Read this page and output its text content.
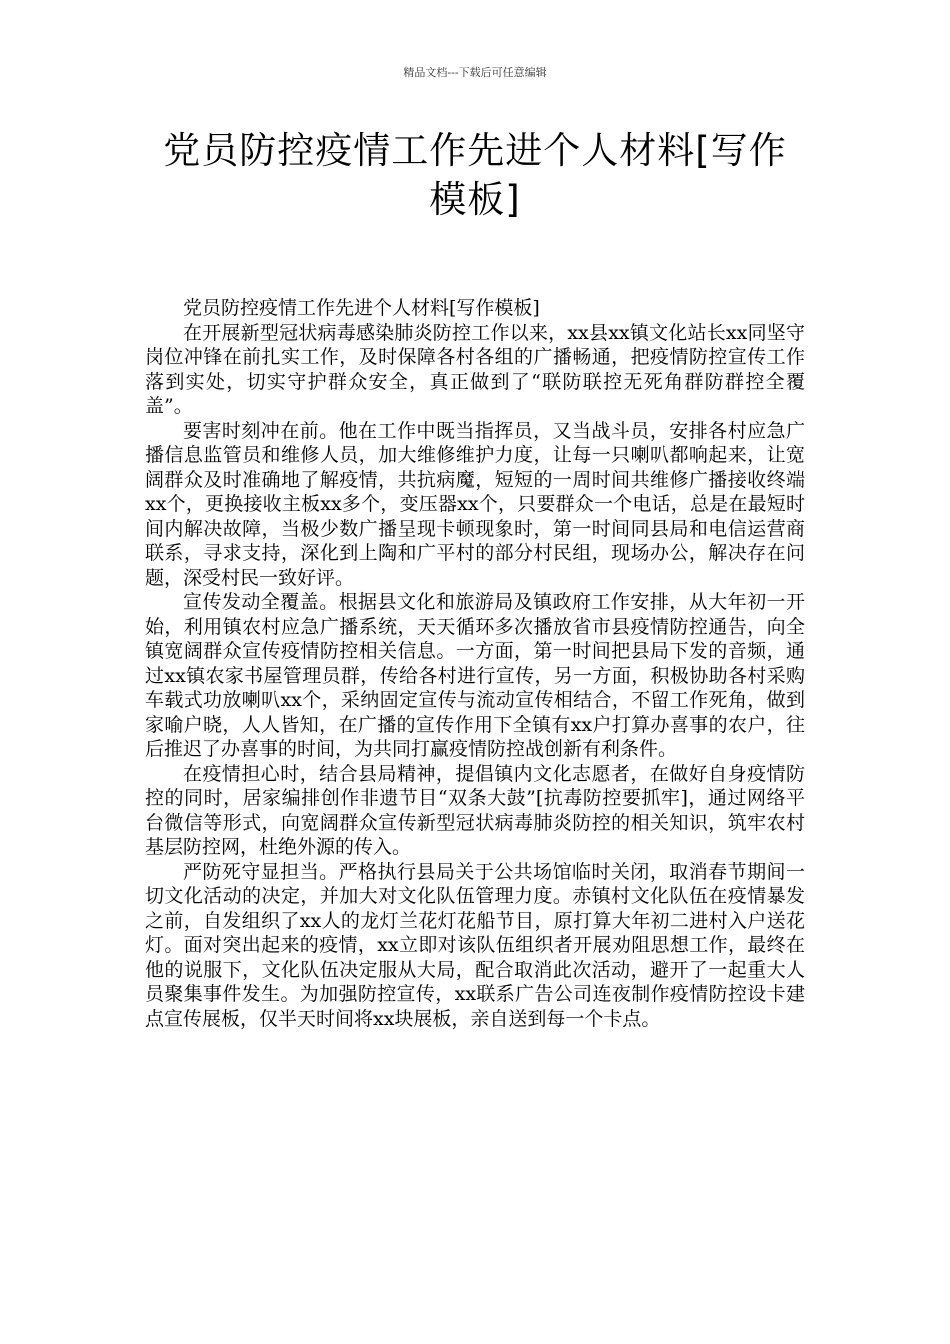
精品文档---下载后可任意编辑
党员防控疫情工作先进个人材料[写作模板]

党员防控疫情工作先进个人材料[写作模板]

在开展新型冠状病毒感染肺炎防控工作以来，xx县xx镇文化站长xx同坚守岗位冲锋在前扎实工作，及时保障各村各组的广播畅通，把疫情防控宣传工作落到实处，切实守护群众安全，真正做到了“联防联控无死角群防群控全覆盖”。

要害时刻冲在前。他在工作中既当指挥员，又当战斗员，安排各村应急广播信息监管员和维修人员，加大维修维护力度，让每一只喇叭都响起来，让宽阔群众及时准确地了解疫情，共抗病魔，短短的一周时间共维修广播接收终端xx个，更换接收主板xx多个，变压器xx个，只要群众一个电话，总是在最短时间内解决故障，当极少数广播呈现卡顿现象时，第一时间同县局和电信运营商联系，寻求支持，深化到上陶和广平村的部分村民组，现场办公，解决存在问题，深受村民一致好评。

宣传发动全覆盖。根据县文化和旅游局及镇政府工作安排，从大年初一开始，利用镇农村应急广播系统，天天循环多次播放省市县疫情防控通告，向全镇宽阔群众宣传疫情防控相关信息。一方面，第一时间把县局下发的音频，通过xx镇农家书屋管理员群，传给各村进行宣传，另一方面，积极协助各村采购车载式功放喇叭xx个，采纳固定宣传与流动宣传相结合，不留工作死角，做到家喻户晓，人人皆知，在广播的宣传作用下全镇有xx户打算办喜事的农户，往后推迟了办喜事的时间，为共同打赢疫情防控战创新有利条件。

在疫情担心时，结合县局精神，提倡镇内文化志愿者，在做好自身疫情防控的同时，居家编排创作非遗节目“双条大鼓”[抗毒防控要抓牢]，通过网络平台微信等形式，向宽阔群众宣传新型冠状病毒肺炎防控的相关知识，筑牢农村基层防控网，杜绝外源的传入。

严防死守显担当。严格执行县局关于公共场馆临时关闭，取消春节期间一切文化活动的决定，并加大对文化队伍管理力度。赤镇村文化队伍在疫情暴发之前，自发组织了xx人的龙灯兰花灯花船节目，原打算大年初二进村入户送花灯。面对突出起来的疫情，xx立即对该队伍组织者开展劝阻思想工作，最终在他的说服下，文化队伍决定服从大局，配合取消此次活动，避开了一起重大人员聚集事件发生。为加强防控宣传，xx联系广告公司连夜制作疫情防控设卡建点宣传展板，仅半天时间将xx块展板，亲自送到每一个卡点。
